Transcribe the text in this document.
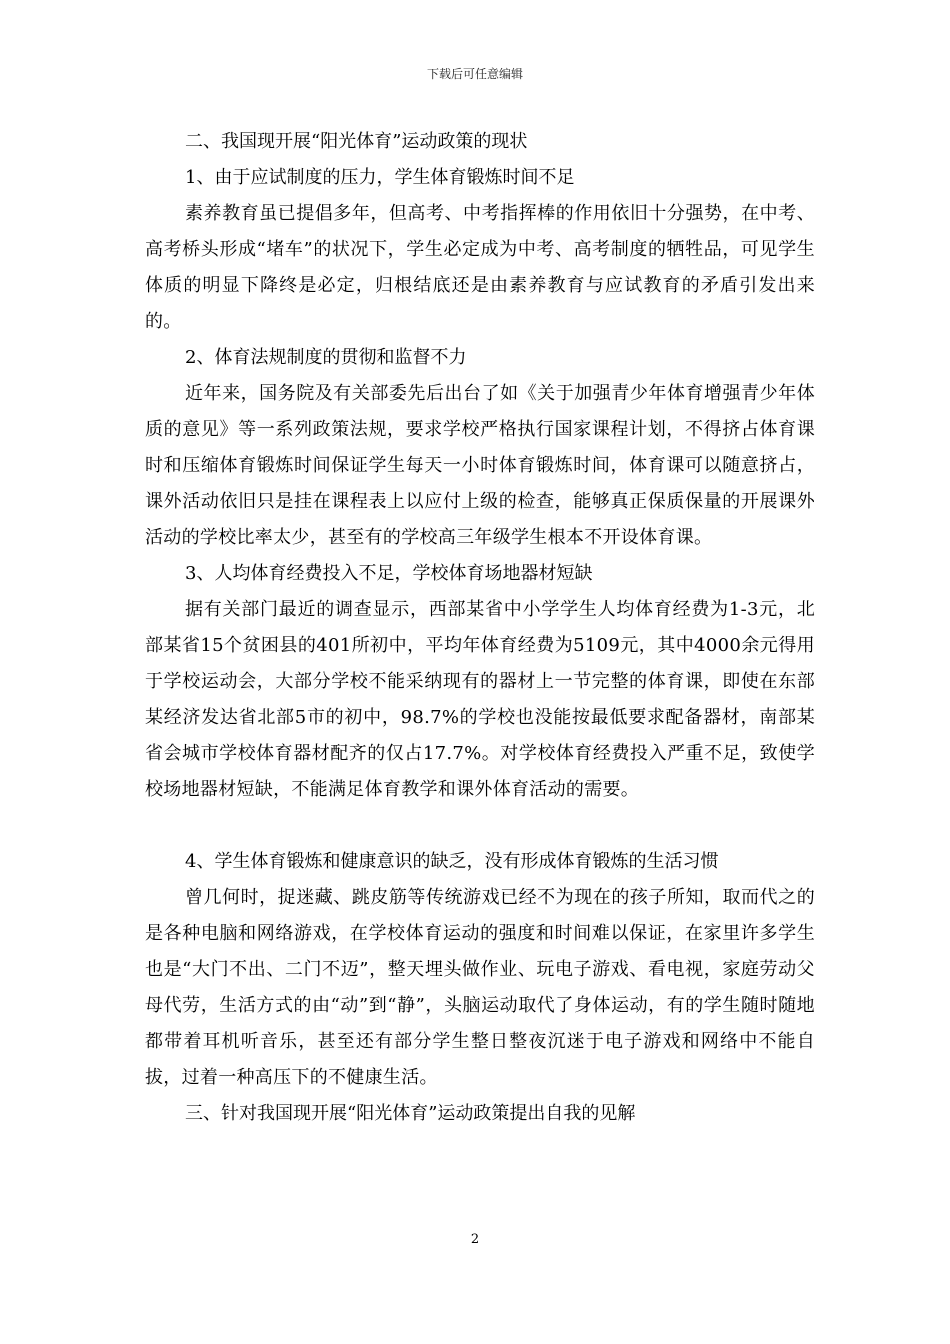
下载后可任意编辑
二、我国现开展“阳光体育”运动政策的现状
1、由于应试制度的压力，学生体育锻炼时间不足

素养教育虽已提倡多年，但高考、中考指挥棒的作用依旧十分强势，在中考、高考桥头形成“堵车”的状况下，学生必定成为中考、高考制度的牺牲品，可见学生体质的明显下降终是必定，归根结底还是由素养教育与应试教育的矛盾引发出来的。

2、体育法规制度的贯彻和监督不力

近年来，国务院及有关部委先后出台了如《关于加强青少年体育增强青少年体质的意见》等一系列政策法规，要求学校严格执行国家课程计划，不得挤占体育课时和压缩体育锻炼时间保证学生每天一小时体育锻炼时间，体育课可以随意挤占，课外活动依旧只是挂在课程表上以应付上级的检查，能够真正保质保量的开展课外活动的学校比率太少，甚至有的学校高三年级学生根本不开设体育课。

3、人均体育经费投入不足，学校体育场地器材短缺

据有关部门最近的调查显示，西部某省中小学学生人均体育经费为1-3元，北部某省15个贫困县的401所初中，平均年体育经费为5109元，其中4000余元得用于学校运动会，大部分学校不能采纳现有的器材上一节完整的体育课，即使在东部某经济发达省北部5市的初中，98.7%的学校也没能按最低要求配备器材，南部某省会城市学校体育器材配齐的仅占17.7%。对学校体育经费投入严重不足，致使学校场地器材短缺，不能满足体育教学和课外体育活动的需要。

4、学生体育锻炼和健康意识的缺乏，没有形成体育锻炼的生活习惯

曾几何时，捉迷藏、跳皮筋等传统游戏已经不为现在的孩子所知，取而代之的是各种电脑和网络游戏，在学校体育运动的强度和时间难以保证，在家里许多学生也是“大门不出、二门不迈”，整天埋头做作业、玩电子游戏、看电视，家庭劳动父母代劳，生活方式的由“动”到“静”，头脑运动取代了身体运动，有的学生随时随地都带着耳机听音乐，甚至还有部分学生整日整夜沉迷于电子游戏和网络中不能自拔，过着一种高压下的不健康生活。

三、针对我国现开展“阳光体育”运动政策提出自我的见解
2
